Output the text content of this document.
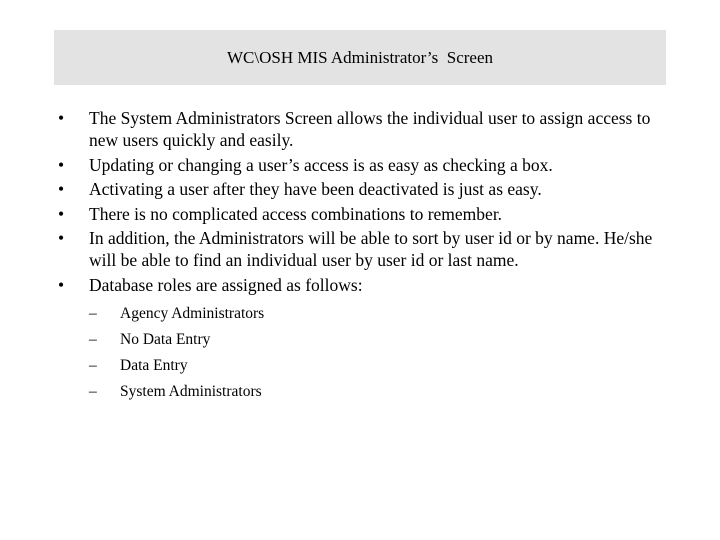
WC\OSH MIS Administrator’s  Screen
• The System Administrators Screen allows the individual user to assign access to new users quickly and easily.
• Updating or changing a user’s access is as easy as checking a box.
• Activating a user after they have been deactivated is just as easy.
• There is no complicated access combinations to remember.
• In addition, the Administrators will be able to sort by user id or by name. He/she will be able to find an individual user by user id or last name.
• Database roles are assigned as follows:
– Agency Administrators
– No Data Entry
– Data Entry
– System Administrators
